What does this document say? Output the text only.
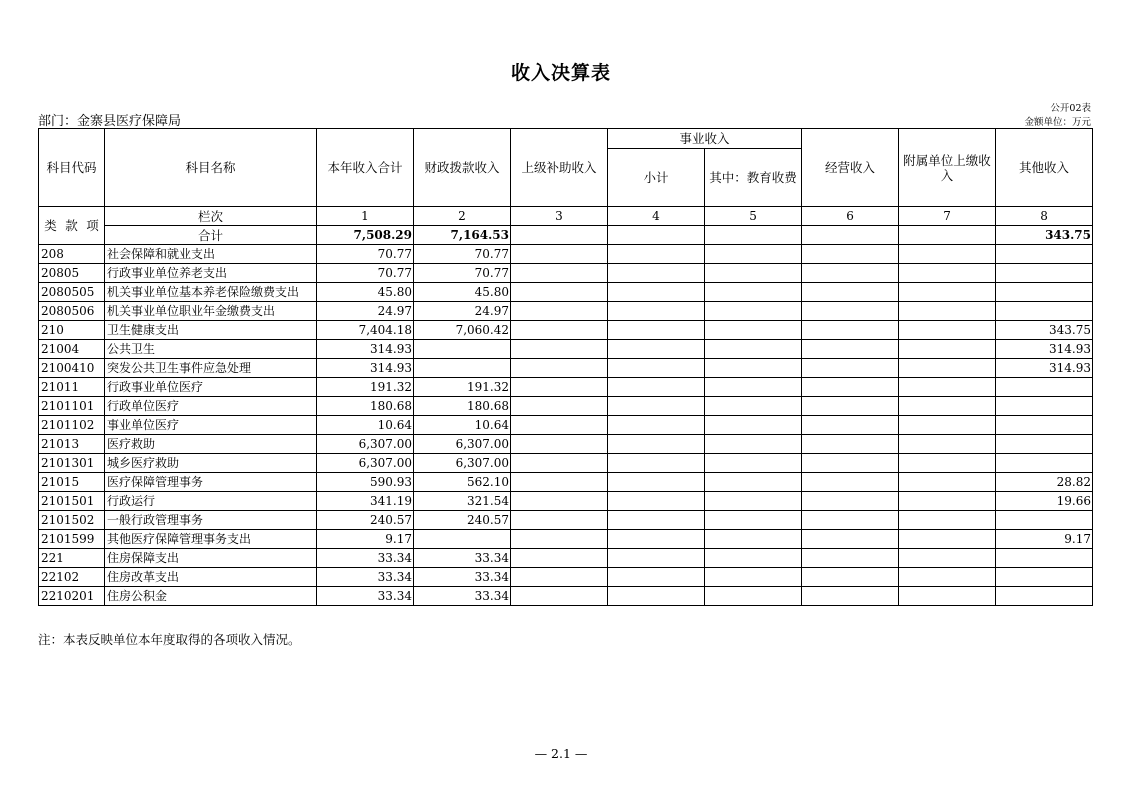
收入决算表
部门：金寨县医疗保障局
公开02表
金额单位：万元
科目代码	科目名称	本年收入合计	财政拨款收入	上级补助收入	事业收入		经营收入	附属单位上缴收入	其他收入
					小计	其中：教育收费			

类 款 项	栏次	1	2	3	4	5	6	7	8
	合计	7,508.29	7,164.53						343.75
208	社会保障和就业支出	70.77	70.77						
20805	行政事业单位养老支出	70.77	70.77						
2080505	机关事业单位基本养老保险缴费支出	45.80	45.80						
2080506	机关事业单位职业年金缴费支出	24.97	24.97						
210	卫生健康支出	7,404.18	7,060.42						343.75
21004	公共卫生	314.93							314.93
2100410	突发公共卫生事件应急处理	314.93							314.93
21011	行政事业单位医疗	191.32	191.32						
2101101	行政单位医疗	180.68	180.68						
2101102	事业单位医疗	10.64	10.64						
21013	医疗救助	6,307.00	6,307.00						
2101301	城乡医疗救助	6,307.00	6,307.00						
21015	医疗保障管理事务	590.93	562.10						28.82
2101501	行政运行	341.19	321.54						19.66
2101502	一般行政管理事务	240.57	240.57						
2101599	其他医疗保障管理事务支出	9.17							9.17
221	住房保障支出	33.34	33.34						
22102	住房改革支出	33.34	33.34						
2210201	住房公积金	33.34	33.34						
注：本表反映单位本年度取得的各项收入情况。
— 2.1 —
